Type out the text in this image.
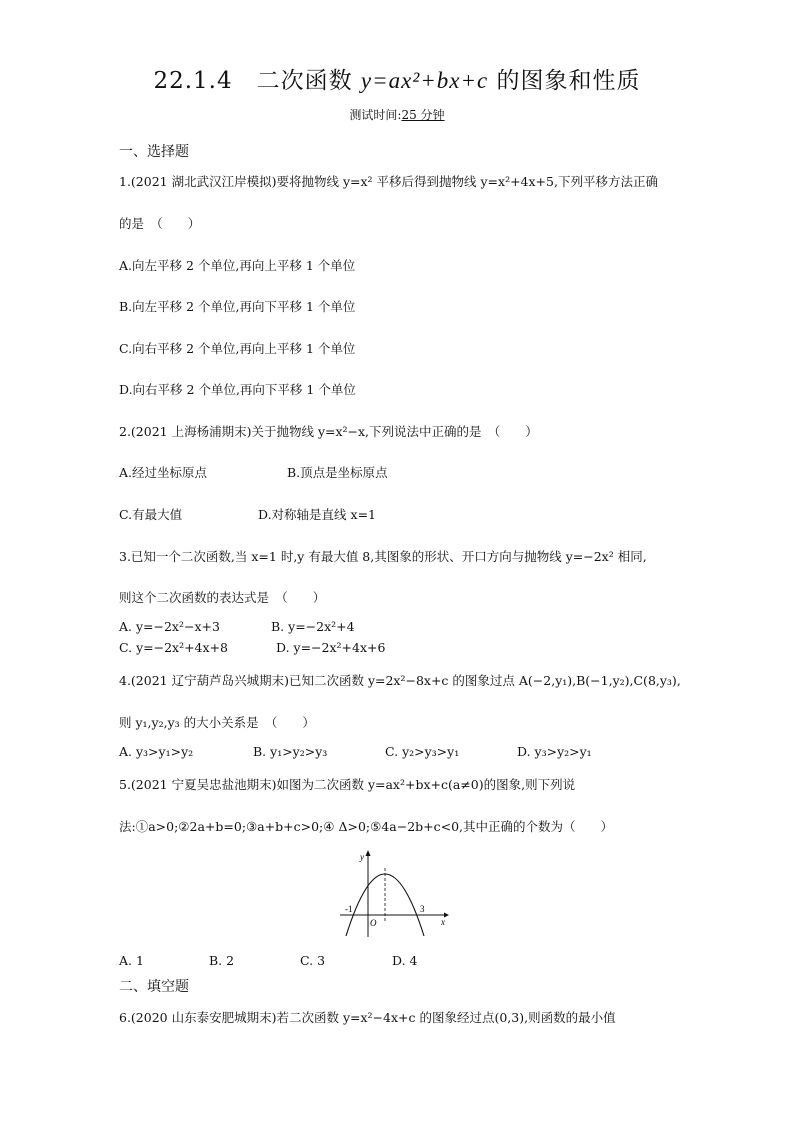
22.1.4　二次函数 y=ax²+bx+c 的图象和性质
测试时间:25 分钟
一、选择题
1.(2021 湖北武汉江岸模拟)要将抛物线 y=x² 平移后得到抛物线 y=x²+4x+5,下列平移方法正确
的是　（　　）
A.向左平移 2 个单位,再向上平移 1 个单位
B.向左平移 2 个单位,再向下平移 1 个单位
C.向右平移 2 个单位,再向上平移 1 个单位
D.向右平移 2 个单位,再向下平移 1 个单位
2.(2021 上海杨浦期末)关于抛物线 y=x²−x,下列说法中正确的是　（　　）
A.经过坐标原点	B.顶点是坐标原点
C.有最大值	D.对称轴是直线 x=1
3.已知一个二次函数,当 x=1 时,y 有最大值 8,其图象的形状、开口方向与抛物线 y=−2x² 相同,
则这个二次函数的表达式是　（　　）
A. y=−2x²−x+3	B. y=−2x²+4
C. y=−2x²+4x+8	D. y=−2x²+4x+6
4.(2021 辽宁葫芦岛兴城期末)已知二次函数 y=2x²−8x+c 的图象过点 A(−2,y₁),B(−1,y₂),C(8,y₃),
则 y₁,y₂,y₃ 的大小关系是　（　　）
A. y₃>y₁>y₂	B. y₁>y₂>y₃	C. y₂>y₃>y₁	D. y₃>y₂>y₁
5.(2021 宁夏吴忠盐池期末)如图为二次函数 y=ax²+bx+c(a≠0)的图象,则下列说
法:①a>0;②2a+b=0;③a+b+c>0;④ Δ>0;⑤4a−2b+c<0,其中正确的个数为（　　）
y
x
O
-1	3
A. 1	B. 2	C. 3	D. 4
二、填空题
6.(2020 山东泰安肥城期末)若二次函数 y=x²−4x+c 的图象经过点(0,3),则函数的最小值
